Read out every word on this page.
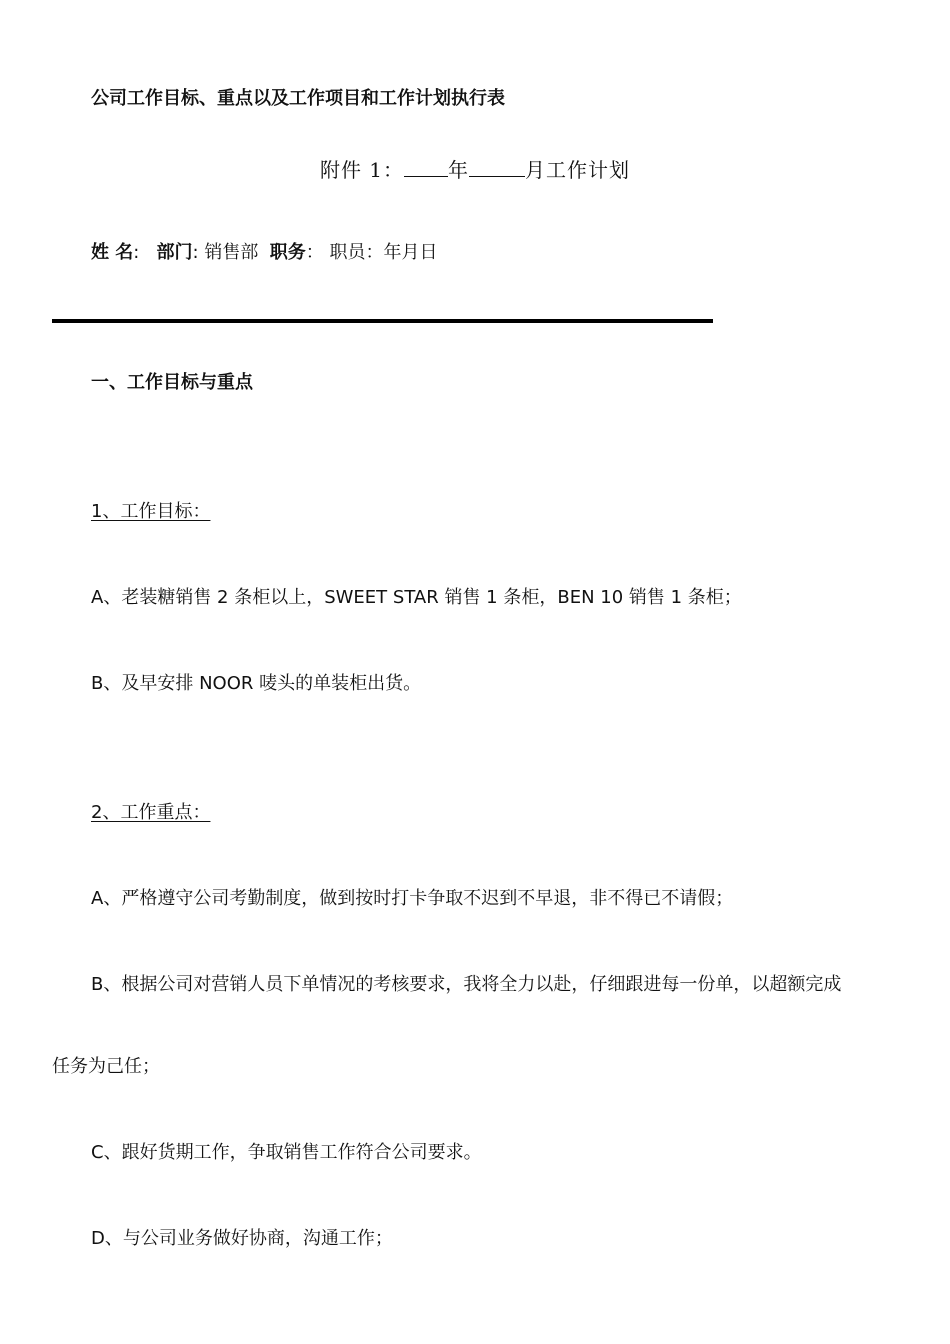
公司工作目标、重点以及工作项目和工作计划执行表
附件 1： 年	月工作计划
姓 名: 部门: 销售部 职务： 职员：年月日
一、工作目标与重点
1、工作目标：
A、老装糖销售 2 条柜以上，SWEET STAR 销售 1 条柜，BEN 10 销售 1 条柜；
B、及早安排 NOOR 唛头的单装柜出货。
2、工作重点：
A、严格遵守公司考勤制度，做到按时打卡争取不迟到不早退，非不得已不请假；
B、根据公司对营销人员下单情况的考核要求，我将全力以赴，仔细跟进每一份单，以超额完成
任务为己任；
C、跟好货期工作，争取销售工作符合公司要求。
D、与公司业务做好协商，沟通工作；
